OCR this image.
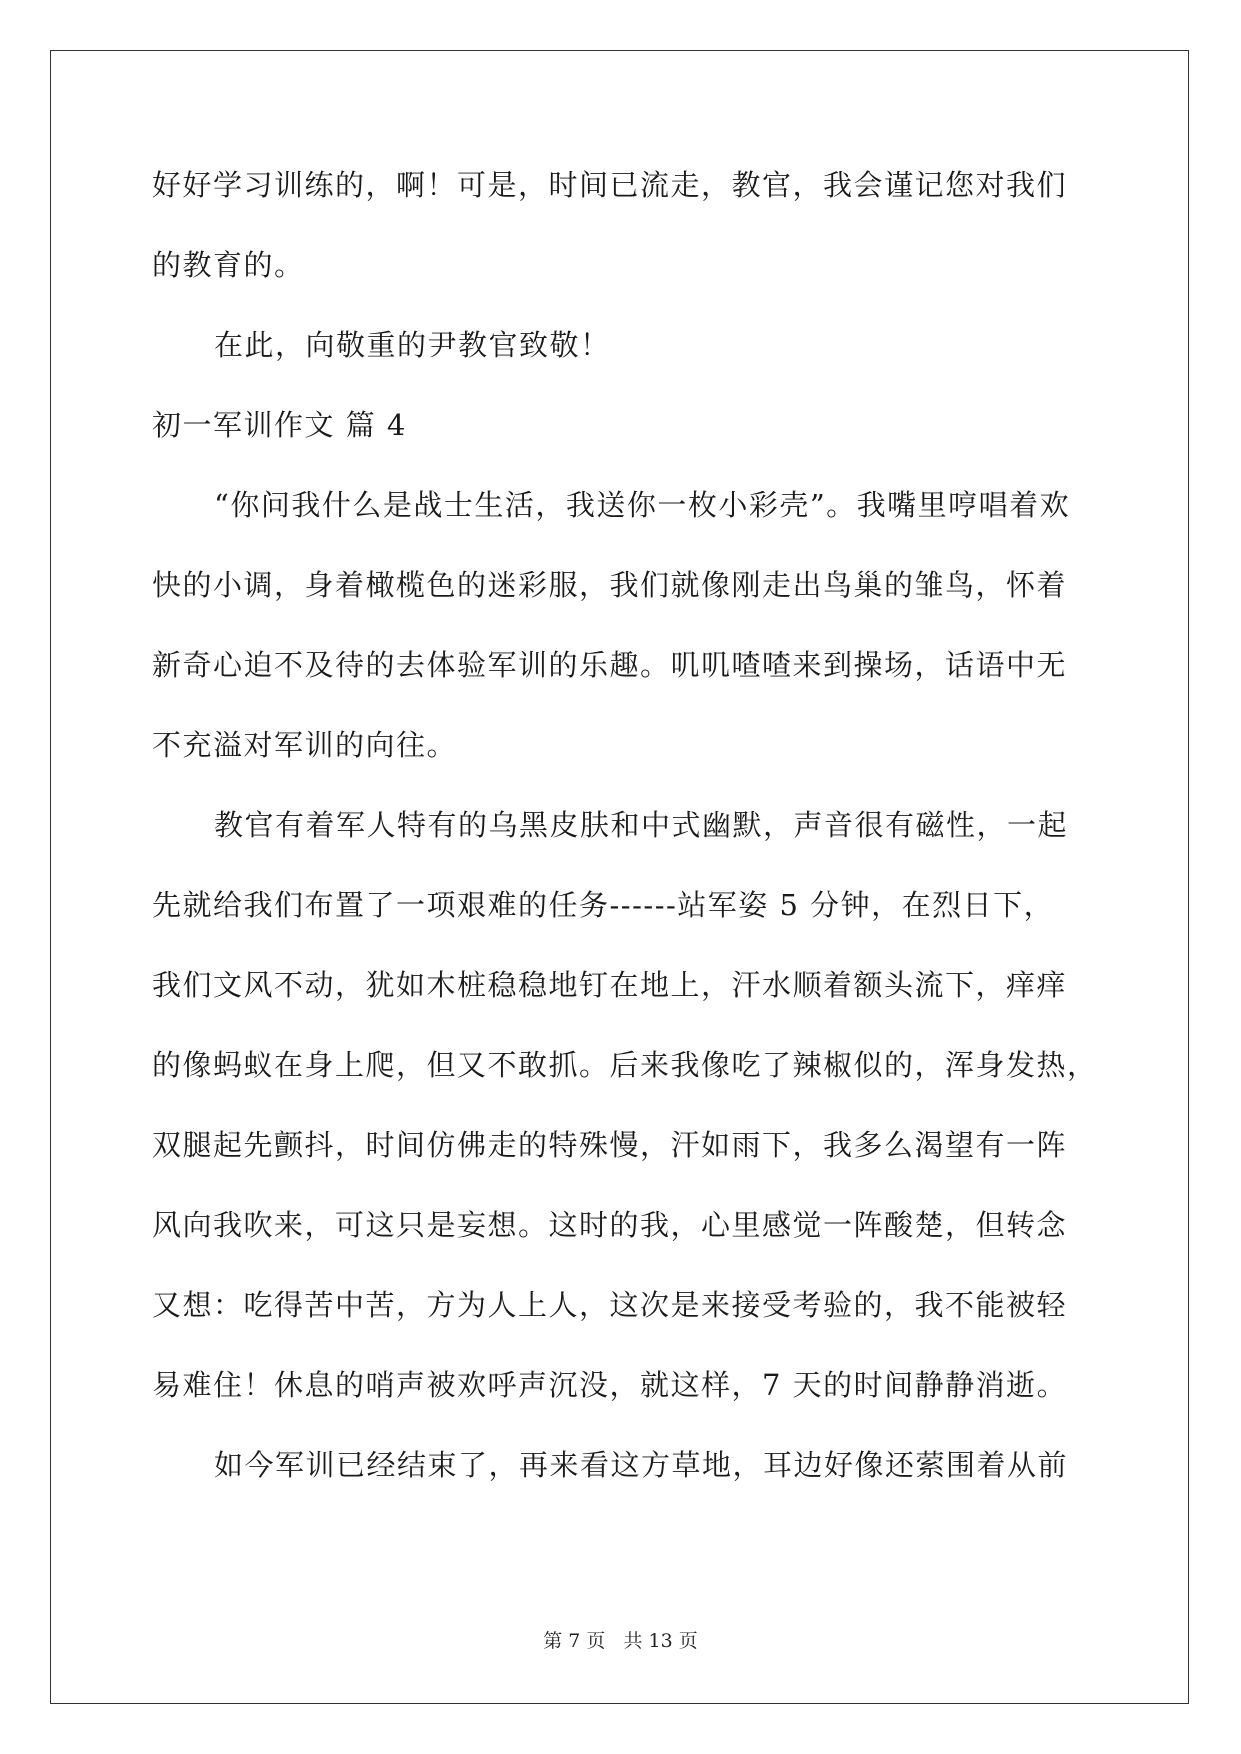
好好学习训练的，啊！可是，时间已流走，教官，我会谨记您对我们
的教育的。
在此，向敬重的尹教官致敬！
初一军训作文 篇 4
“你问我什么是战士生活，我送你一枚小彩壳”。我嘴里哼唱着欢
快的小调，身着橄榄色的迷彩服，我们就像刚走出鸟巢的雏鸟，怀着
新奇心迫不及待的去体验军训的乐趣。叽叽喳喳来到操场，话语中无
不充溢对军训的向往。
教官有着军人特有的乌黑皮肤和中式幽默，声音很有磁性，一起
先就给我们布置了一项艰难的任务------站军姿 5 分钟，在烈日下，
我们文风不动，犹如木桩稳稳地钉在地上，汗水顺着额头流下，痒痒
的像蚂蚁在身上爬，但又不敢抓。后来我像吃了辣椒似的，浑身发热，
双腿起先颤抖，时间仿佛走的特殊慢，汗如雨下，我多么渴望有一阵
风向我吹来，可这只是妄想。这时的我，心里感觉一阵酸楚，但转念
又想：吃得苦中苦，方为人上人，这次是来接受考验的，我不能被轻
易难住！休息的哨声被欢呼声沉没，就这样，7 天的时间静静消逝。
如今军训已经结束了，再来看这方草地，耳边好像还萦围着从前
第 7 页   共 13 页
